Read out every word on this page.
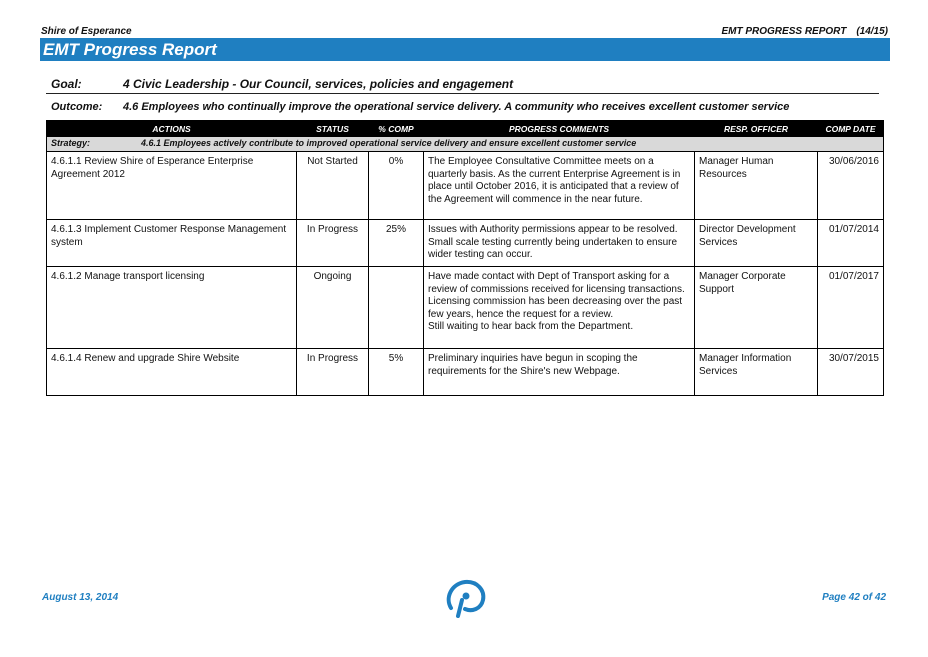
Shire of Esperance	EMT PROGRESS REPORT (14/15)
EMT Progress Report
Goal:	4 Civic Leadership - Our Council, services, policies and engagement
Outcome: 4.6 Employees who continually improve the operational service delivery. A community who receives excellent customer service
ACTIONS	STATUS	% COMP	PROGRESS COMMENTS	RESP. OFFICER	COMP DATE
Strategy: 4.6.1 Employees actively contribute to improved operational service delivery and ensure excellent customer service					
4.6.1.1 Review Shire of Esperance Enterprise Agreement 2012	Not Started	0%	The Employee Consultative Committee meets on a quarterly basis. As the current Enterprise Agreement is in place until October 2016, it is anticipated that a review of the Agreement will commence in the near future.	Manager Human Resources	30/06/2016
4.6.1.3 Implement Customer Response Management system	In Progress	25%	Issues with Authority permissions appear to be resolved. Small scale testing currently being undertaken to ensure wider testing can occur.	Director Development Services	01/07/2014
4.6.1.2 Manage transport licensing	Ongoing		Have made contact with Dept of Transport asking for a review of commissions received for licensing transactions.
Licensing commission has been decreasing over the past few years, hence the request for a review.
Still waiting to hear back from the Department.	Manager Corporate Support	01/07/2017
4.6.1.4 Renew and upgrade Shire Website	In Progress	5%	Preliminary inquiries have begun in scoping the requirements for the Shire's new Webpage.	Manager Information Services	30/07/2015
August 13, 2014	Page 42 of 42
